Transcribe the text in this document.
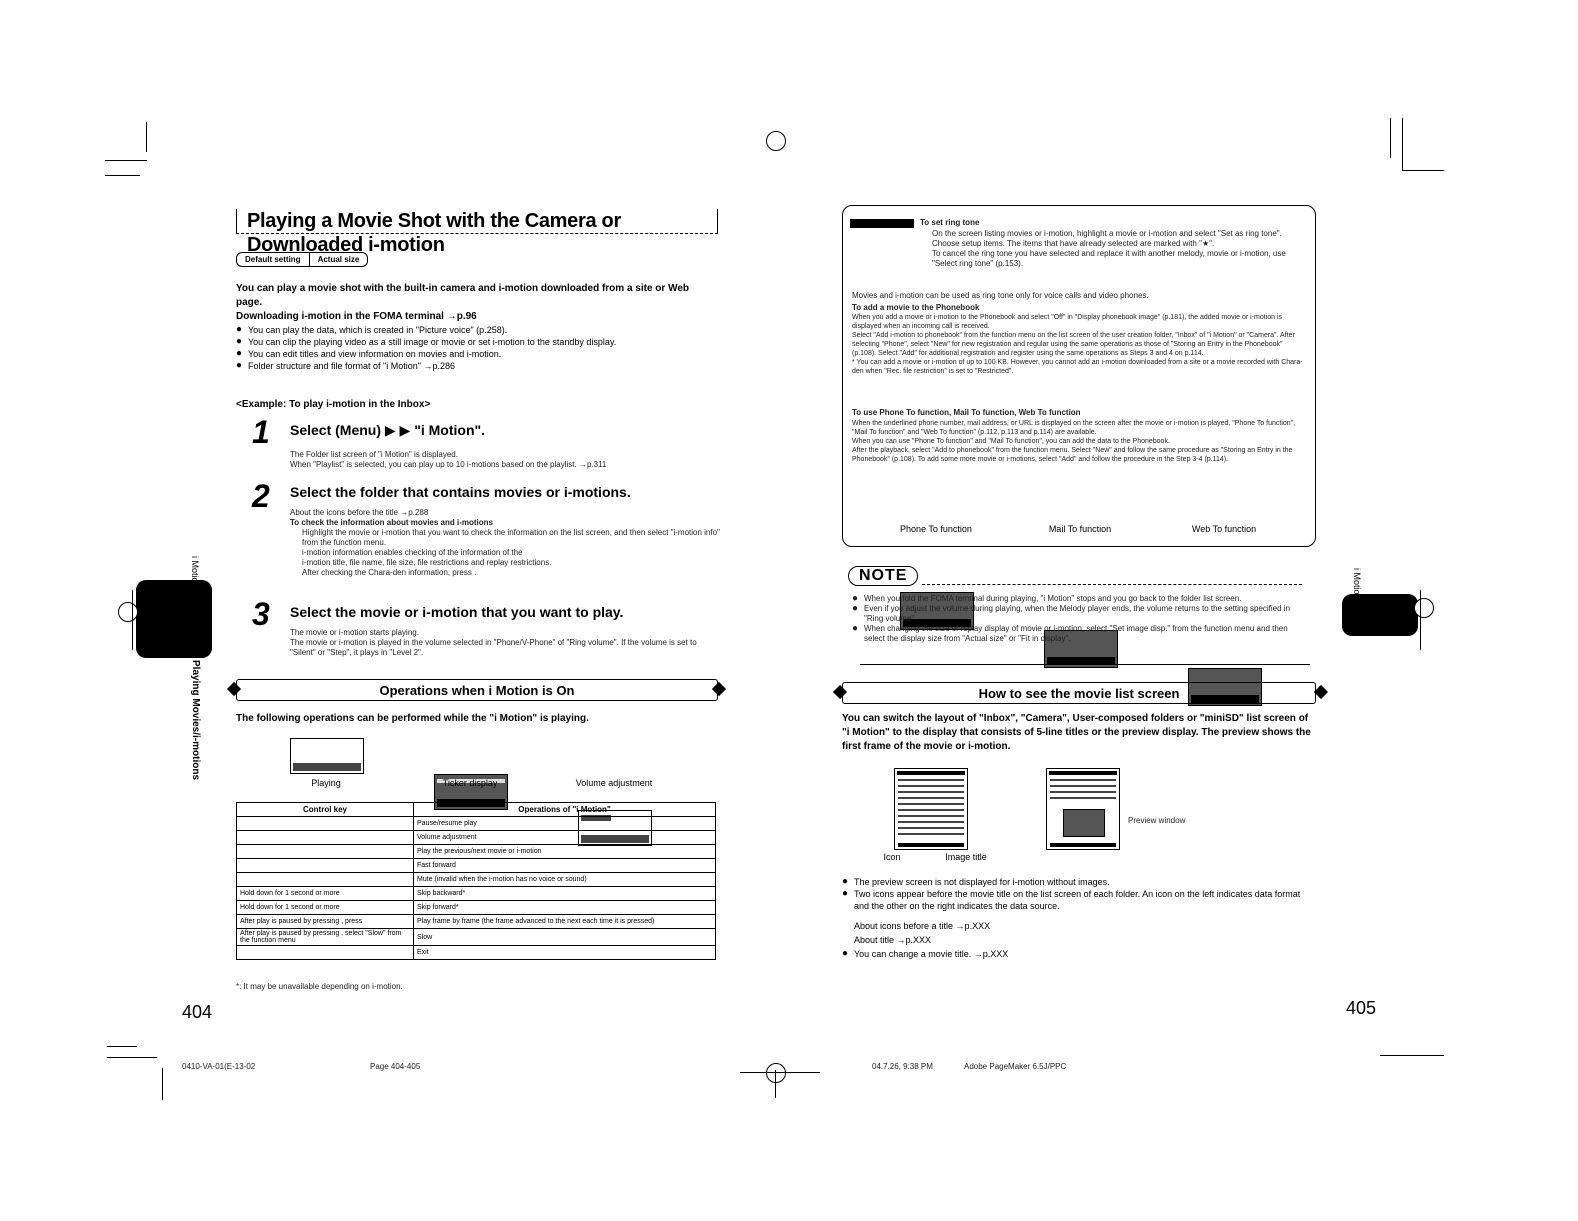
i Motion
Playing Movies/i-motions
i Motion
Playing a Movie Shot with the Camera or Downloaded i-motion
Default setting	Actual size
You can play a movie shot with the built-in camera and i-motion downloaded from a site or Web page.
Downloading i-motion in the FOMA terminal →p.96
● You can play the data, which is created in "Picture voice" (p.258).
● You can clip the playing video as a still image or movie or set i-motion to the standby display.
● You can edit titles and view information on movies and i-motion.
● Folder structure and file format of "i Motion" →p.286
<Example: To play i-motion in the Inbox>
1 Select (Menu) ▶ ▶ "i Motion".
The Folder list screen of "i Motion" is displayed.
When "Playlist" is selected, you can play up to 10 i-motions based on the playlist. →p.311
2 Select the folder that contains movies or i-motions.
About the icons before the title →p.288
To check the information about movies and i-motions
Highlight the movie or i-motion that you want to check the information on the list screen, and then select "i-motion info" from the function menu.
i-motion information enables checking of the information of the
i-motion title, file name, file size, file restrictions and replay restrictions.
After checking the Chara-den information, press .
3 Select the movie or i-motion that you want to play.
The movie or i-motion starts playing.
The movie or i-motion is played in the volume selected in "Phone/V-Phone" of "Ring volume". If the volume is set to "Silent" or "Step", it plays in "Level 2".
Operations when i Motion is On
The following operations can be performed while the "i Motion" is playing.
Playing	Ticker display	Volume adjustment
Control key	Operations of "i Motion"
	Pause/resume play
	Volume adjustment
	Play the previous/next movie or i-motion
	Fast forward
	Mute (invalid when the i-motion has no voice or sound)
Hold down for 1 second or more	Skip backward*
Hold down for 1 second or more	Skip forward*
After play is paused by pressing , press	Play frame by frame (the frame advanced to the next each time it is pressed)
After play is paused by pressing , select "Slow" from the function menu	Slow
	Exit
*: It may be unavailable depending on i-motion.
404
0410-VA-01(E-13-02	Page 404-405
To set ring tone
On the screen listing movies or i-motion, highlight a movie or i-motion and select "Set as ring tone".
Choose setup items. The items that have already selected are marked with "★".
To cancel the ring tone you have selected and replace it with another melody, movie or i-motion, use "Select ring tone" (p.153).
Movies and i-motion can be used as ring tone only for voice calls and video phones.
To add a movie to the Phonebook
When you add a movie or i-motion to the Phonebook and select "Off" in "Display phonebook image" (p.181), the added movie or i-motion is displayed when an incoming call is received.
Select "Add i-motion to phonebook" from the function menu on the list screen of the user creation folder, "Inbox" of "i Motion" or "Camera". After selecting "Phone", select "New" for new registration and regular using the same operations as those of "Storing an Entry in the Phonebook" (p.108). Select "Add" for additional registration and register using the same operations as Steps 3 and 4 on p.114.
* You can add a movie or i-motion of up to 100 KB. However, you cannot add an i-motion downloaded from a site or a movie recorded with Chara-den when "Rec. file restriction" is set to "Restricted".
To use Phone To function, Mail To function, Web To function
When the underlined phone number, mail address, or URL is displayed on the screen after the movie or i-motion is played, "Phone To function", "Mail To function" and "Web To function" (p.112, p.113 and p.114) are available.
When you can use "Phone To function" and "Mail To function", you can add the data to the Phonebook.
After the playback, select "Add to phonebook" from the function menu. Select "New" and follow the same procedure as "Storing an Entry in the Phonebook" (p.108). To add some more movie or i-motions, select "Add" and follow the procedure in the Step 3-4 (p.114).
Phone To function	Mail To function	Web To function
NOTE
● When you fold the FOMA terminal during playing, "i Motion" stops and you go back to the folder list screen.
● Even if you adjust the volume during playing, when the Melody player ends, the volume returns to the setting specified in "Ring volume".
● When changing the size of replay display of movie or i-motion, select "Set image disp." from the function menu and then select the display size from "Actual size" or "Fit in display".
How to see the movie list screen
You can switch the layout of "Inbox", "Camera", User-composed folders or "miniSD" list screen of "i Motion" to the display that consists of 5-line titles or the preview display. The preview shows the first frame of the movie or i-motion.
Icon	Image title
Preview window
● The preview screen is not displayed for i-motion without images.
● Two icons appear before the movie title on the list screen of each folder. An icon on the left indicates data format and the other on the right indicates the data source.
About icons before a title →p.XXX
About title →p.XXX
● You can change a movie title. →p.XXX
405
04.7.26, 9:38 PM	Adobe PageMaker 6.5J/PPC
